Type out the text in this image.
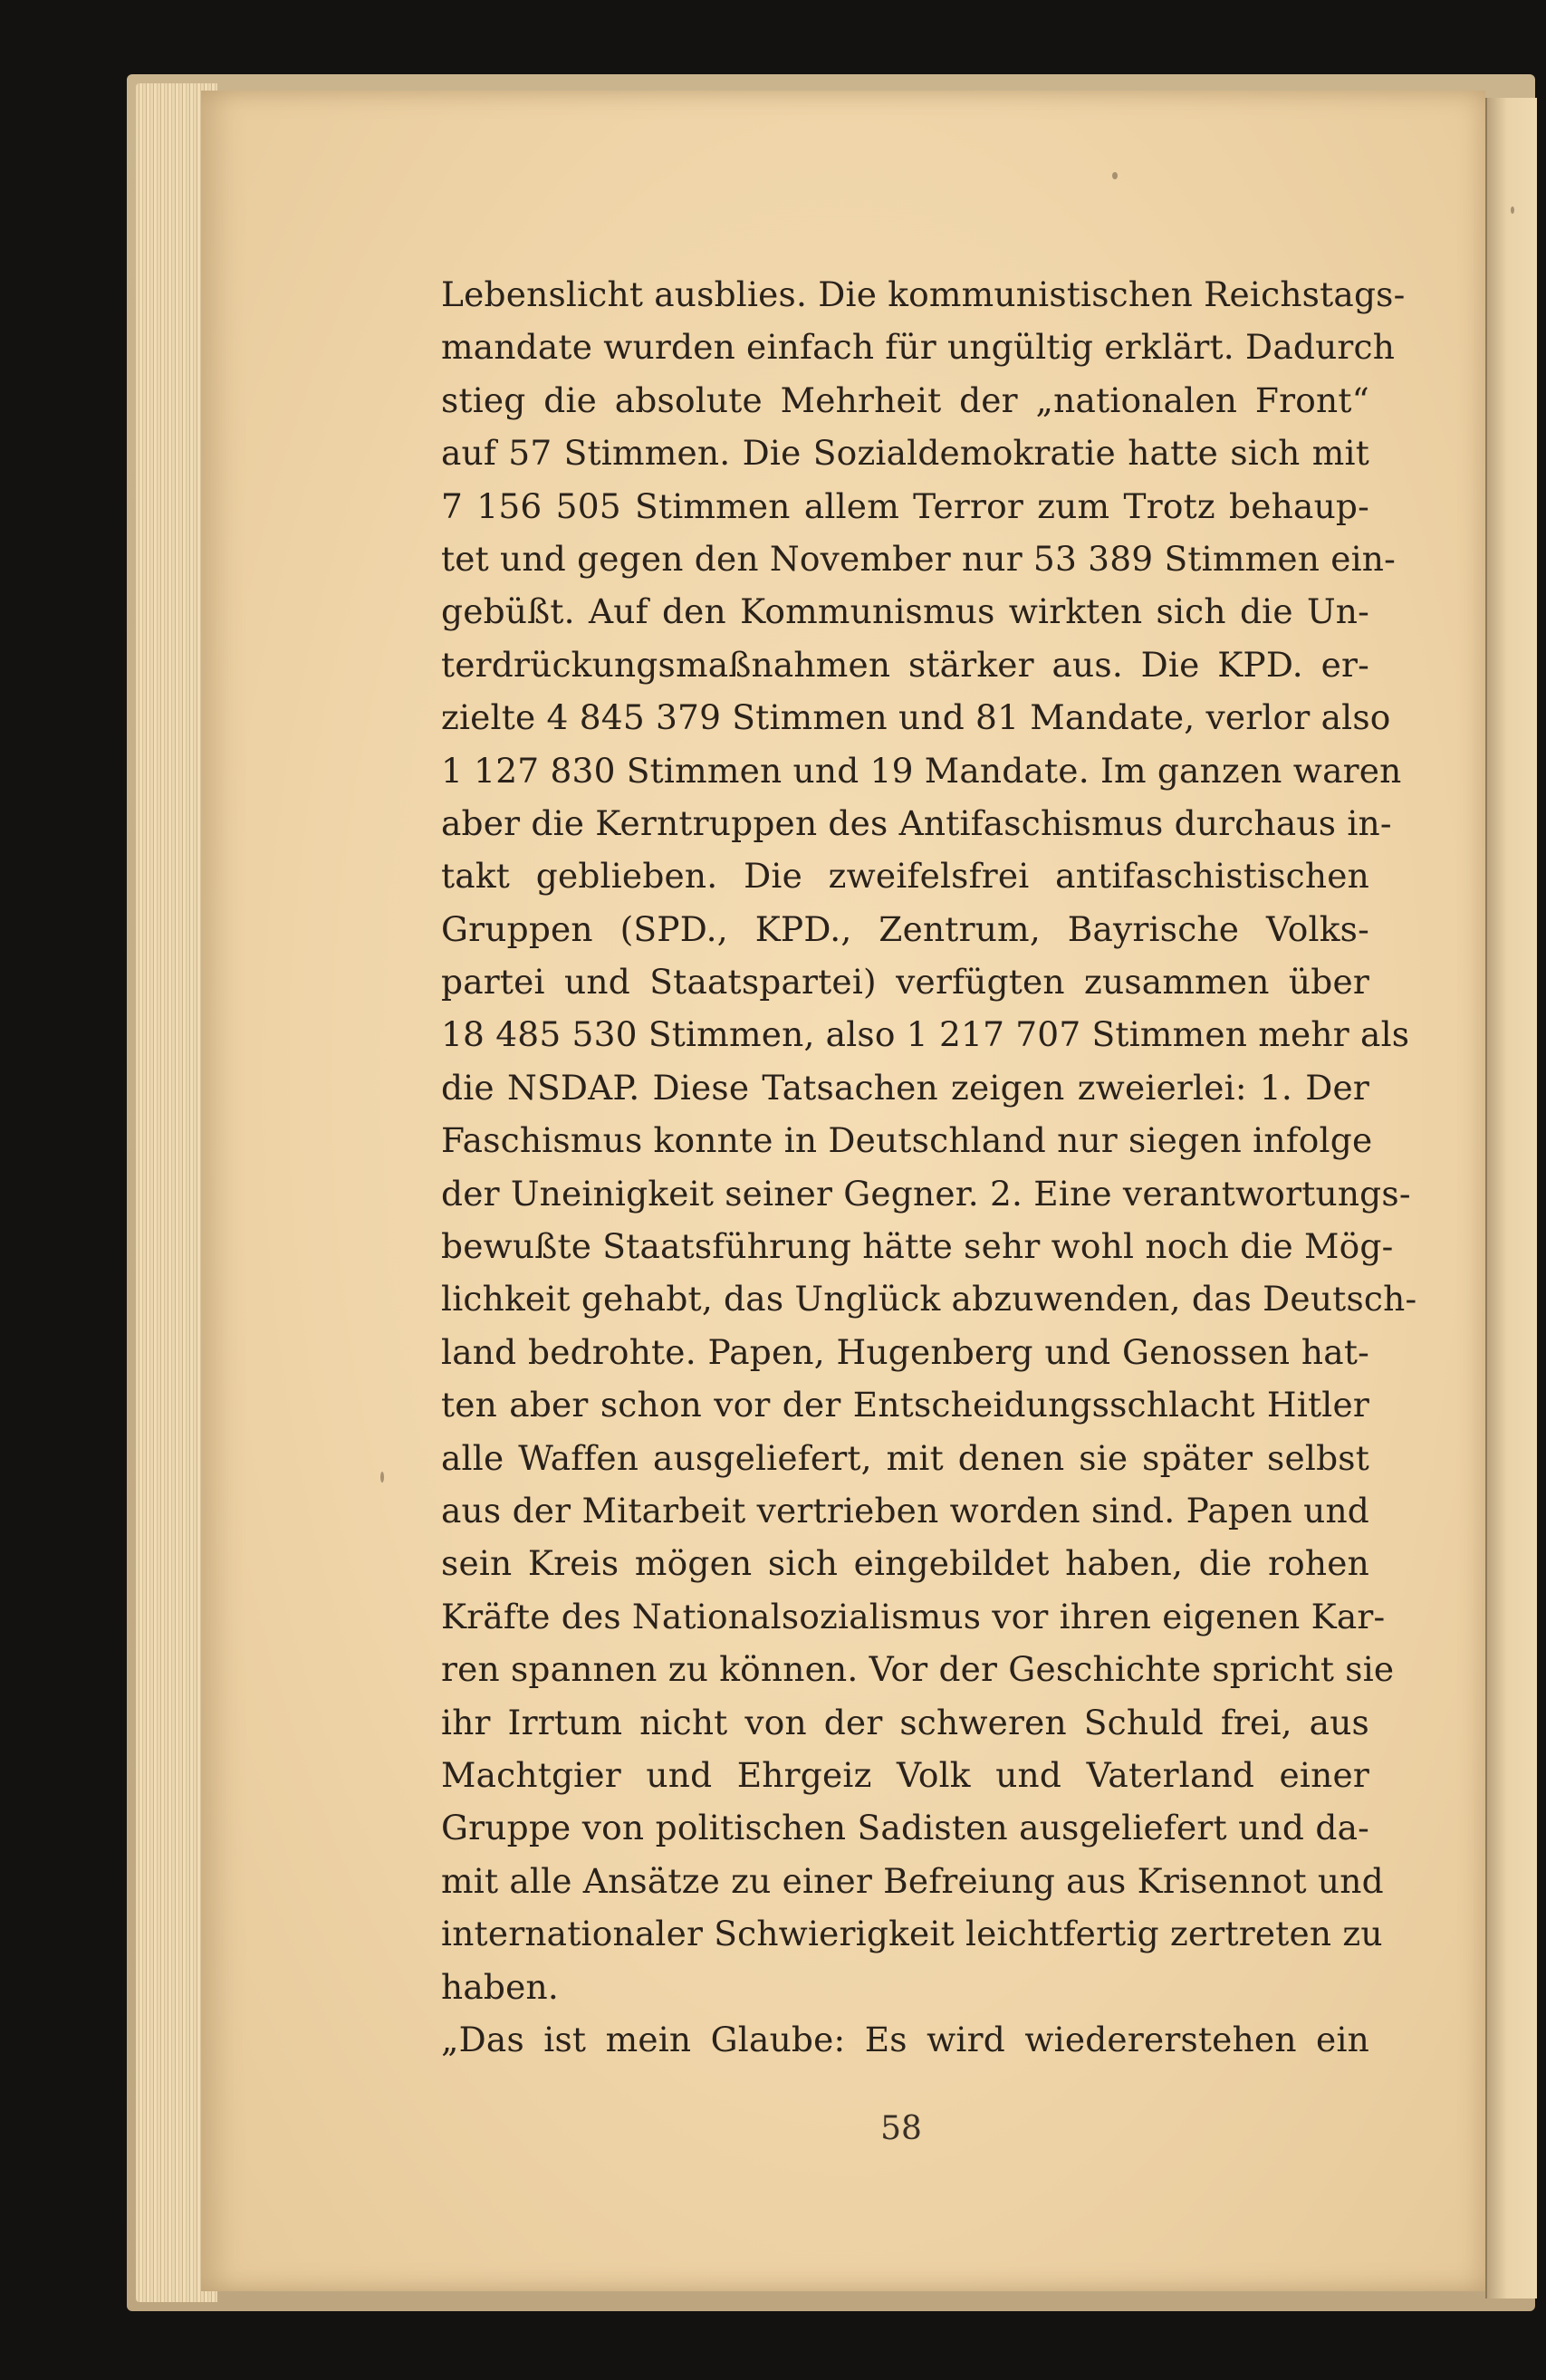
Lebenslicht ausblies. Die kommunistischen Reichstags-
mandate wurden einfach für ungültig erklärt. Dadurch
stieg die absolute Mehrheit der „nationalen Front“
auf 57 Stimmen. Die Sozialdemokratie hatte sich mit
7 156 505 Stimmen allem Terror zum Trotz behaup-
tet und gegen den November nur 53 389 Stimmen ein-
gebüßt. Auf den Kommunismus wirkten sich die Un-
terdrückungsmaßnahmen stärker aus. Die KPD. er-
zielte 4 845 379 Stimmen und 81 Mandate, verlor also
1 127 830 Stimmen und 19 Mandate. Im ganzen waren
aber die Kerntruppen des Antifaschismus durchaus in-
takt geblieben. Die zweifelsfrei antifaschistischen
Gruppen (SPD., KPD., Zentrum, Bayrische Volks-
partei und Staatspartei) verfügten zusammen über
18 485 530 Stimmen, also 1 217 707 Stimmen mehr als
die NSDAP. Diese Tatsachen zeigen zweierlei: 1. Der
Faschismus konnte in Deutschland nur siegen infolge
der Uneinigkeit seiner Gegner. 2. Eine verantwortungs-
bewußte Staatsführung hätte sehr wohl noch die Mög-
lichkeit gehabt, das Unglück abzuwenden, das Deutsch-
land bedrohte. Papen, Hugenberg und Genossen hat-
ten aber schon vor der Entscheidungsschlacht Hitler
alle Waffen ausgeliefert, mit denen sie später selbst
aus der Mitarbeit vertrieben worden sind. Papen und
sein Kreis mögen sich eingebildet haben, die rohen
Kräfte des Nationalsozialismus vor ihren eigenen Kar-
ren spannen zu können. Vor der Geschichte spricht sie
ihr Irrtum nicht von der schweren Schuld frei, aus
Machtgier und Ehrgeiz Volk und Vaterland einer
Gruppe von politischen Sadisten ausgeliefert und da-
mit alle Ansätze zu einer Befreiung aus Krisennot und
internationaler Schwierigkeit leichtfertig zertreten zu
haben.
„Das ist mein Glaube: Es wird wiedererstehen ein
58
